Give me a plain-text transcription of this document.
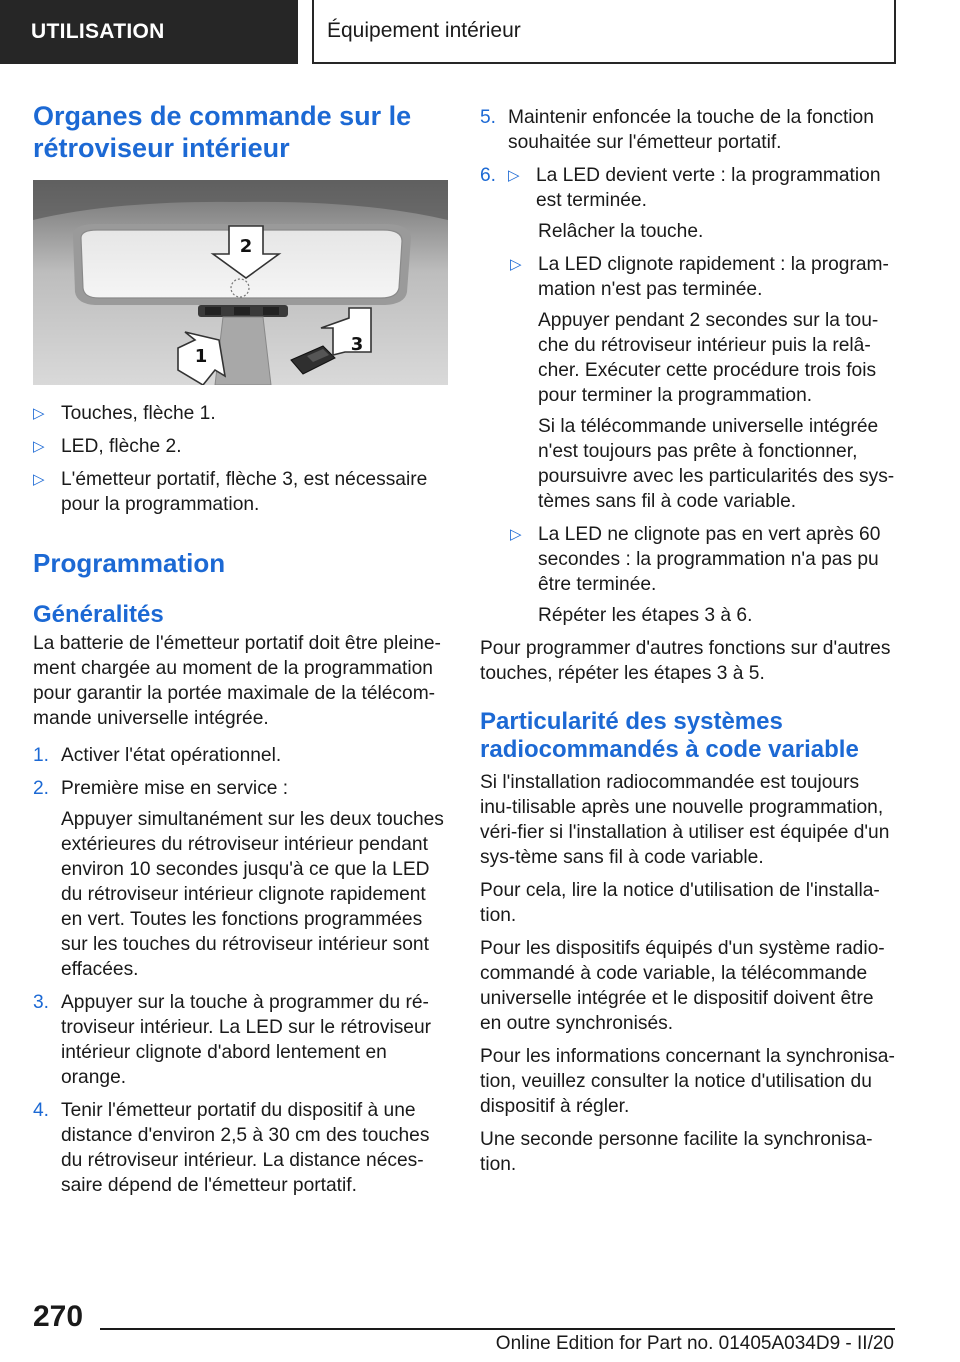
UTILISATION	Équipement intérieur
Organes de commande sur le rétroviseur intérieur
2
1
3
▷ Touches, flèche 1.
▷ LED, flèche 2.
▷ L'émetteur portatif, flèche 3, est nécessaire pour la programmation.
Programmation
Généralités

La batterie de l'émetteur portatif doit être pleine-ment chargée au moment de la programmation pour garantir la portée maximale de la télécom-mande universelle intégrée.

1. Activer l'état opérationnel.
2. Première mise en service :

Appuyer simultanément sur les deux touches extérieures du rétroviseur intérieur pendant environ 10 secondes jusqu'à ce que la LED du rétroviseur intérieur clignote rapidement en vert. Toutes les fonctions programmées sur les touches du rétroviseur intérieur sont effacées.

3. Appuyer sur la touche à programmer du ré-troviseur intérieur. La LED sur le rétroviseur intérieur clignote d'abord lentement en orange.
4. Tenir l'émetteur portatif du dispositif à une distance d'environ 2,5 à 30 cm des touches du rétroviseur intérieur. La distance néces-saire dépend de l'émetteur portatif.
5. Maintenir enfoncée la touche de la fonction souhaitée sur l'émetteur portatif.
6. ▷ La LED devient verte : la programmation est terminée.

Relâcher la touche.

▷ La LED clignote rapidement : la program-mation n'est pas terminée.

Appuyer pendant 2 secondes sur la tou-che du rétroviseur intérieur puis la relâ-cher. Exécuter cette procédure trois fois pour terminer la programmation.

Si la télécommande universelle intégrée n'est toujours pas prête à fonctionner, poursuivre avec les particularités des sys-tèmes sans fil à code variable.

▷ La LED ne clignote pas en vert après 60 secondes : la programmation n'a pas pu être terminée.

Répéter les étapes 3 à 6.

Pour programmer d'autres fonctions sur d'autres touches, répéter les étapes 3 à 5.

Particularité des systèmes radiocommandés à code variable

Si l'installation radiocommandée est toujours inu-tilisable après une nouvelle programmation, véri-fier si l'installation à utiliser est équipée d'un sys-tème sans fil à code variable.

Pour cela, lire la notice d'utilisation de l'installa-tion.

Pour les dispositifs équipés d'un système radio-commandé à code variable, la télécommande universelle intégrée et le dispositif doivent être en outre synchronisés.

Pour les informations concernant la synchronisa-tion, veuillez consulter la notice d'utilisation du dispositif à régler.

Une seconde personne facilite la synchronisa-tion.

270
Online Edition for Part no. 01405A034D9 - II/20
